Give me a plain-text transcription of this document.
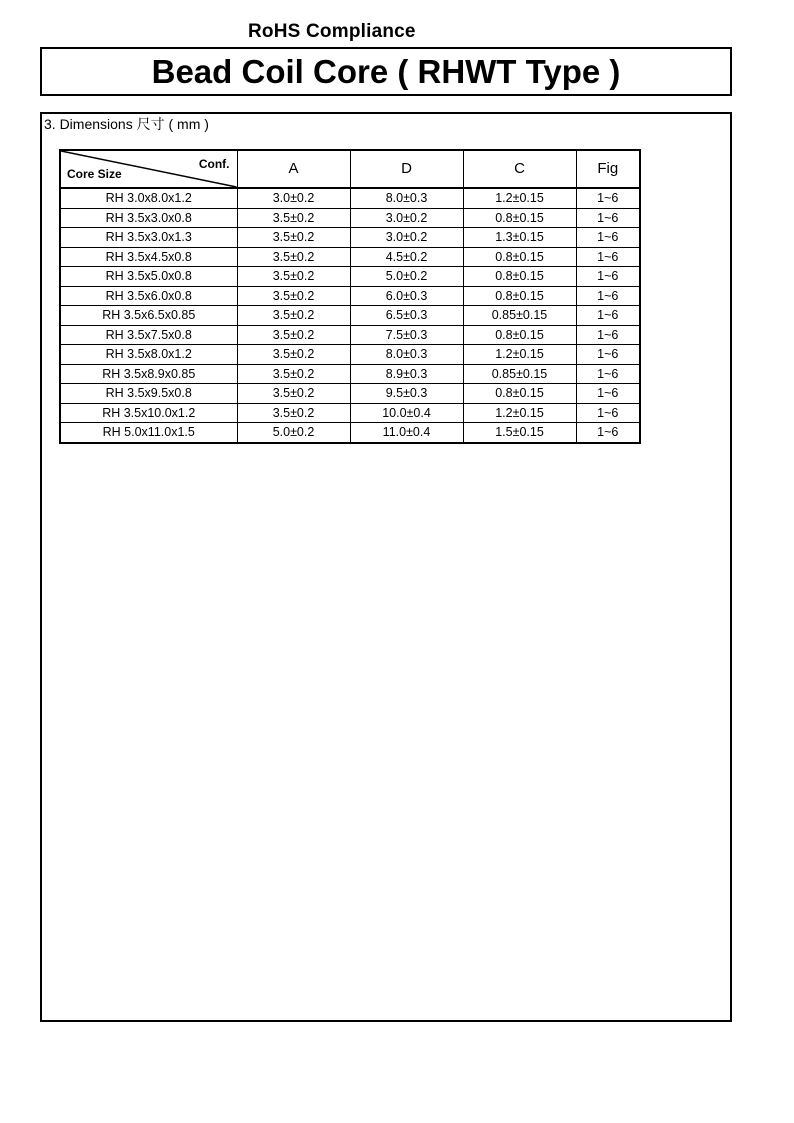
RoHS Compliance
Bead Coil Core ( RHWT Type )
3. Dimensions 尺寸 ( mm )
Conf.
Core Size	A	D	C	Fig
RH 3.0x8.0x1.2	3.0±0.2	8.0±0.3	1.2±0.15	1~6
RH 3.5x3.0x0.8	3.5±0.2	3.0±0.2	0.8±0.15	1~6
RH 3.5x3.0x1.3	3.5±0.2	3.0±0.2	1.3±0.15	1~6
RH 3.5x4.5x0.8	3.5±0.2	4.5±0.2	0.8±0.15	1~6
RH 3.5x5.0x0.8	3.5±0.2	5.0±0.2	0.8±0.15	1~6
RH 3.5x6.0x0.8	3.5±0.2	6.0±0.3	0.8±0.15	1~6
RH 3.5x6.5x0.85	3.5±0.2	6.5±0.3	0.85±0.15	1~6
RH 3.5x7.5x0.8	3.5±0.2	7.5±0.3	0.8±0.15	1~6
RH 3.5x8.0x1.2	3.5±0.2	8.0±0.3	1.2±0.15	1~6
RH 3.5x8.9x0.85	3.5±0.2	8.9±0.3	0.85±0.15	1~6
RH 3.5x9.5x0.8	3.5±0.2	9.5±0.3	0.8±0.15	1~6
RH 3.5x10.0x1.2	3.5±0.2	10.0±0.4	1.2±0.15	1~6
RH 5.0x11.0x1.5	5.0±0.2	11.0±0.4	1.5±0.15	1~6
